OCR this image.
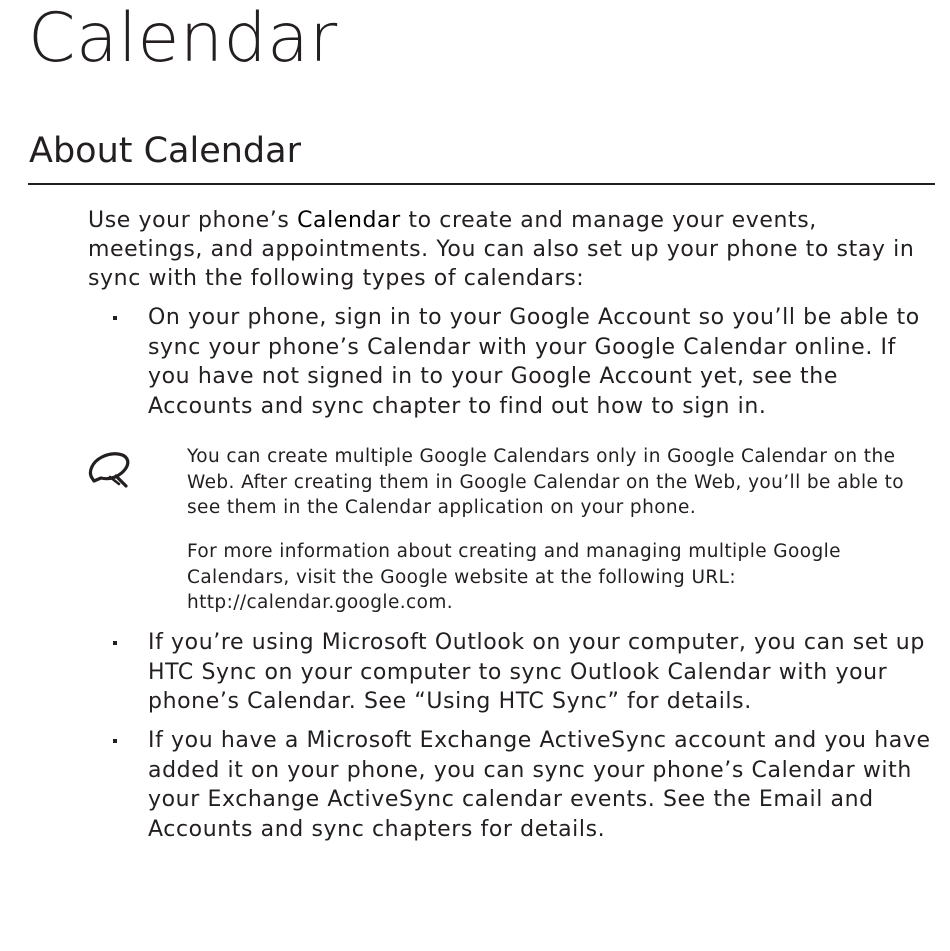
Calendar
About Calendar

Use your phone’s Calendar to create and manage your events, meetings, and appointments. You can also set up your phone to stay in sync with the following types of calendars:

On your phone, sign in to your Google Account so you’ll be able to sync your phone’s Calendar with your Google Calendar online. If you have not signed in to your Google Account yet, see the Accounts and sync chapter to find out how to sign in.

You can create multiple Google Calendars only in Google Calendar on the Web. After creating them in Google Calendar on the Web, you’ll be able to see them in the Calendar application on your phone.

For more information about creating and managing multiple Google Calendars, visit the Google website at the following URL: http://calendar.google.com.

If you’re using Microsoft Outlook on your computer, you can set up HTC Sync on your computer to sync Outlook Calendar with your phone’s Calendar. See “Using HTC Sync” for details.

If you have a Microsoft Exchange ActiveSync account and you have added it on your phone, you can sync your phone’s Calendar with your Exchange ActiveSync calendar events. See the Email and Accounts and sync chapters for details.
